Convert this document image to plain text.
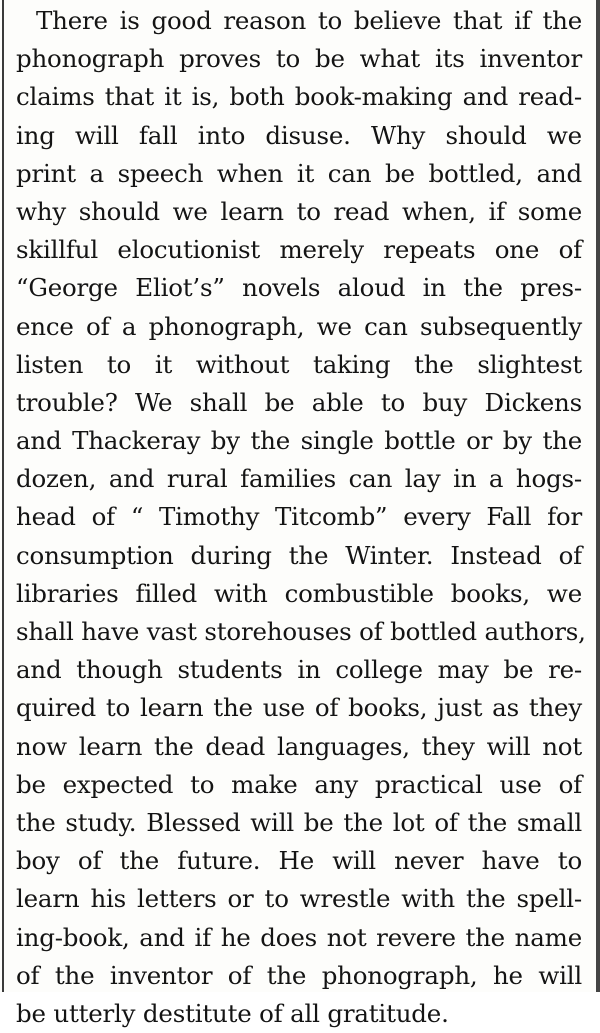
There is good reason to believe that if the
phonograph proves to be what its inventor
claims that it is, both book-making and read-
ing will fall into disuse. Why should we
print a speech when it can be bottled, and
why should we learn to read when, if some
skillful elocutionist merely repeats one of
“George Eliot’s” novels aloud in the pres-
ence of a phonograph, we can subsequently
listen to it without taking the slightest
trouble? We shall be able to buy Dickens
and Thackeray by the single bottle or by the
dozen, and rural families can lay in a hogs-
head of “ Timothy Titcomb” every Fall for
consumption during the Winter. Instead of
libraries filled with combustible books, we
shall have vast storehouses of bottled authors,
and though students in college may be re-
quired to learn the use of books, just as they
now learn the dead languages, they will not
be expected to make any practical use of
the study. Blessed will be the lot of the small
boy of the future. He will never have to
learn his letters or to wrestle with the spell-
ing-book, and if he does not revere the name
of the inventor of the phonograph, he will
be utterly destitute of all gratitude.
